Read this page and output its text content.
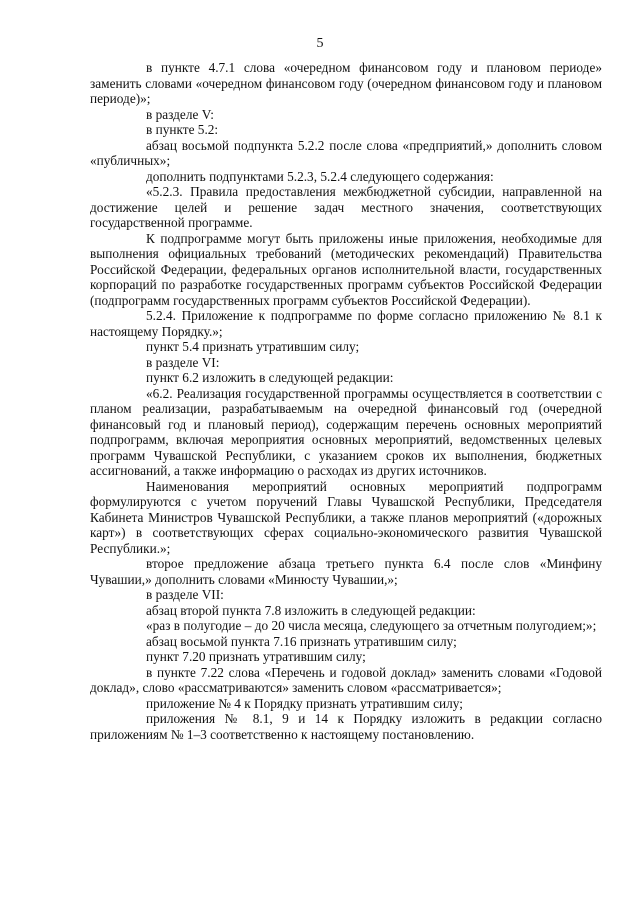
5

в пункте 4.7.1 слова «очередном финансовом году и плановом периоде» заменить словами «очередном финансовом году (очередном финансовом году и плановом периоде)»;

в разделе V:

в пункте 5.2:

абзац восьмой подпункта 5.2.2 после слова «предприятий,» дополнить словом «публичных»;

дополнить подпунктами 5.2.3, 5.2.4 следующего содержания:

«5.2.3. Правила предоставления межбюджетной субсидии, направленной на достижение целей и решение задач местного значения, соответствующих государственной программе.

К подпрограмме могут быть приложены иные приложения, необходимые для выполнения официальных требований (методических рекомендаций) Правительства Российской Федерации, федеральных органов исполнительной власти, государственных корпораций по разработке государственных программ субъектов Российской Федерации (подпрограмм государственных программ субъектов Российской Федерации).

5.2.4. Приложение к подпрограмме по форме согласно приложению № 8.1 к настоящему Порядку.»;

пункт 5.4 признать утратившим силу;

в разделе VI:

пункт 6.2 изложить в следующей редакции:

«6.2. Реализация государственной программы осуществляется в соответствии с планом реализации, разрабатываемым на очередной финансовый год (очередной финансовый год и плановый период), содержащим перечень основных мероприятий подпрограмм, включая мероприятия основных мероприятий, ведомственных целевых программ Чувашской Республики, с указанием сроков их выполнения, бюджетных ассигнований, а также информацию о расходах из других источников.

Наименования мероприятий основных мероприятий подпрограмм формулируются с учетом поручений Главы Чувашской Республики, Председателя Кабинета Министров Чувашской Республики, а также планов мероприятий («дорожных карт») в соответствующих сферах социально-экономического развития Чувашской Республики.»;

второе предложение абзаца третьего пункта 6.4 после слов «Минфину Чувашии,» дополнить словами «Минюсту Чувашии,»;

в разделе VII:

абзац второй пункта 7.8 изложить в следующей редакции:

«раз в полугодие – до 20 числа месяца, следующего за отчетным полугодием;»;

абзац восьмой пункта 7.16 признать утратившим силу;

пункт 7.20 признать утратившим силу;

в пункте 7.22 слова «Перечень и годовой доклад» заменить словами «Годовой доклад», слово «рассматриваются» заменить словом «рассматривается»;

приложение № 4 к Порядку признать утратившим силу;

приложения № 8.1, 9 и 14 к Порядку изложить в редакции согласно приложениям № 1–3 соответственно к настоящему постановлению.
